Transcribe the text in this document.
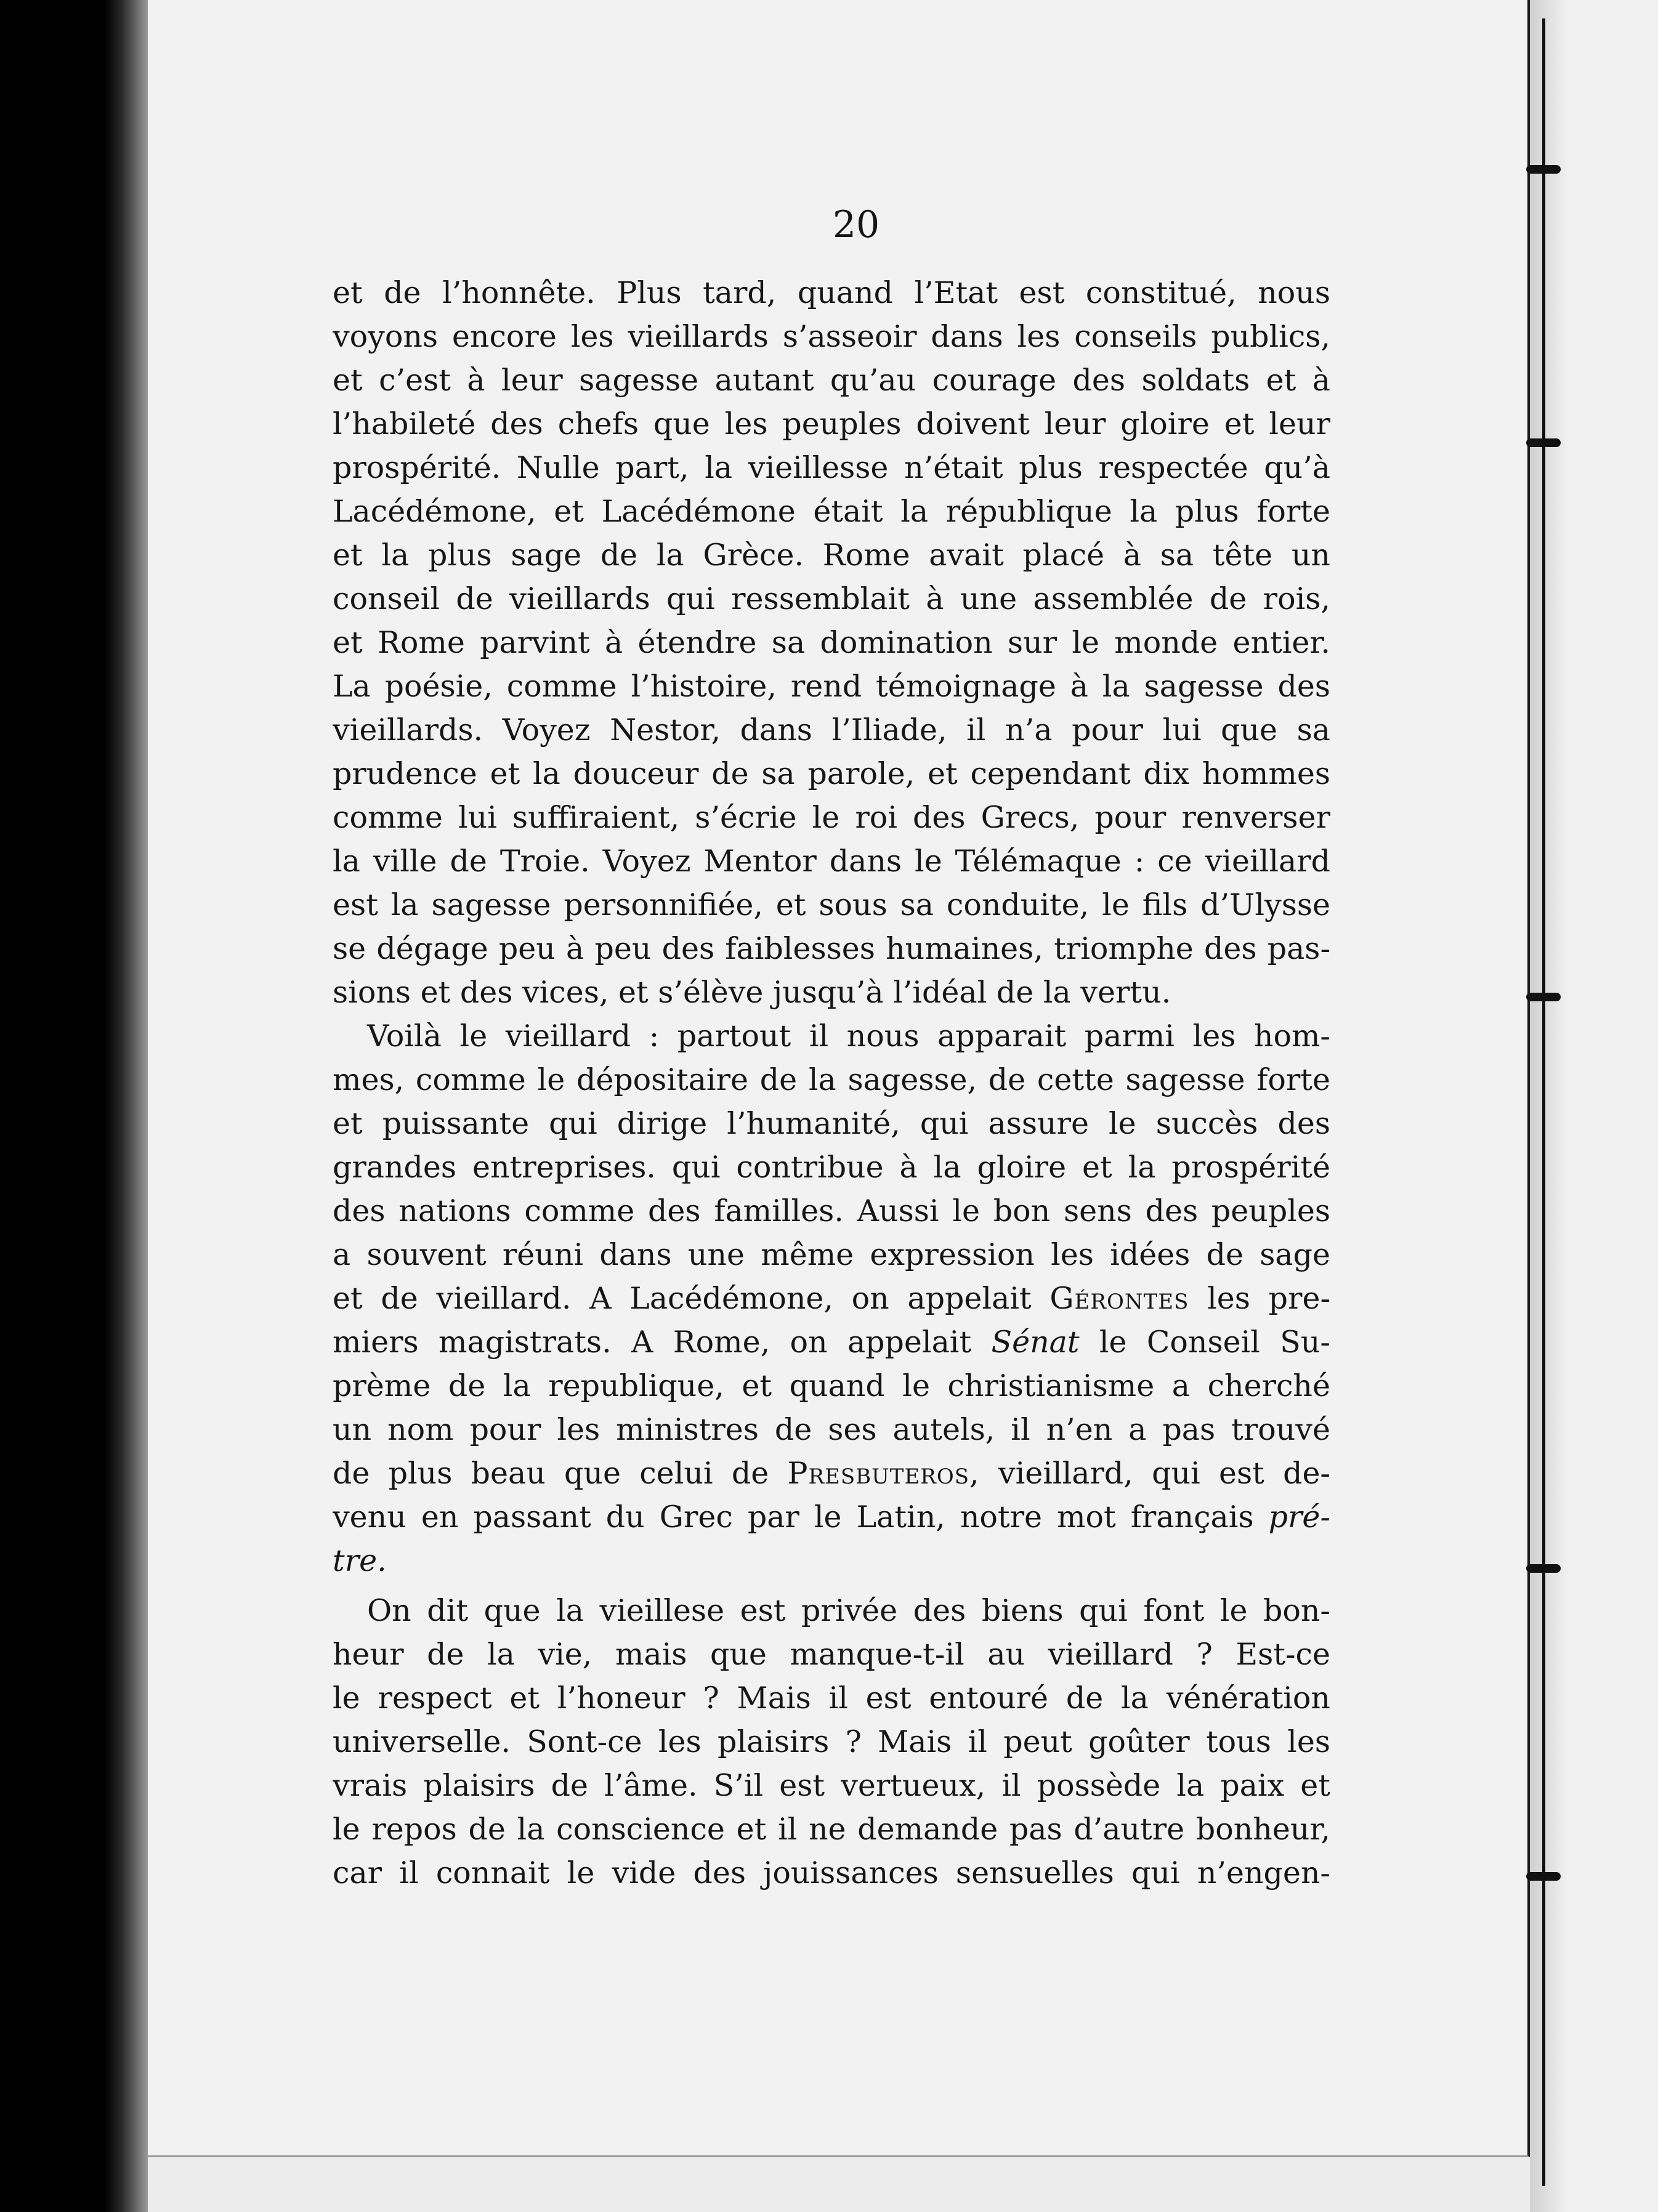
20
et de l’honnête. Plus tard, quand l’Etat est constitué, nous
voyons encore les vieillards s’asseoir dans les conseils publics,
et c’est à leur sagesse autant qu’au courage des soldats et à
l’habileté des chefs que les peuples doivent leur gloire et leur
prospérité. Nulle part, la vieillesse n’était plus respectée qu’à
Lacédémone, et Lacédémone était la république la plus forte
et la plus sage de la Grèce. Rome avait placé à sa tête un
conseil de vieillards qui ressemblait à une assemblée de rois,
et Rome parvint à étendre sa domination sur le monde entier.
La poésie, comme l’histoire, rend témoignage à la sagesse des
vieillards. Voyez Nestor, dans l’Iliade, il n’a pour lui que sa
prudence et la douceur de sa parole, et cependant dix hommes
comme lui suffiraient, s’écrie le roi des Grecs, pour renverser
la ville de Troie. Voyez Mentor dans le Télémaque : ce vieillard
est la sagesse personnifiée, et sous sa conduite, le fils d’Ulysse
se dégage peu à peu des faiblesses humaines, triomphe des pas-
sions et des vices, et s’élève jusqu’à l’idéal de la vertu.
Voilà le vieillard : partout il nous apparait parmi les hom-
mes, comme le dépositaire de la sagesse, de cette sagesse forte
et puissante qui dirige l’humanité, qui assure le succès des
grandes entreprises. qui contribue à la gloire et la prospérité
des nations comme des familles. Aussi le bon sens des peuples
a souvent réuni dans une même expression les idées de sage
et de vieillard. A Lacédémone, on appelait Gérontes les pre-
miers magistrats. A Rome, on appelait Sénat le Conseil Su-
prème de la republique, et quand le christianisme a cherché
un nom pour les ministres de ses autels, il n’en a pas trouvé
de plus beau que celui de Presbuteros, vieillard, qui est de-
venu en passant du Grec par le Latin, notre mot français pré-
tre.
On dit que la vieillese est privée des biens qui font le bon-
heur de la vie, mais que manque-t-il au vieillard ? Est-ce
le respect et l’honeur ? Mais il est entouré de la vénération
universelle. Sont-ce les plaisirs ? Mais il peut goûter tous les
vrais plaisirs de l’âme. S’il est vertueux, il possède la paix et
le repos de la conscience et il ne demande pas d’autre bonheur,
car il connait le vide des jouissances sensuelles qui n’engen-
